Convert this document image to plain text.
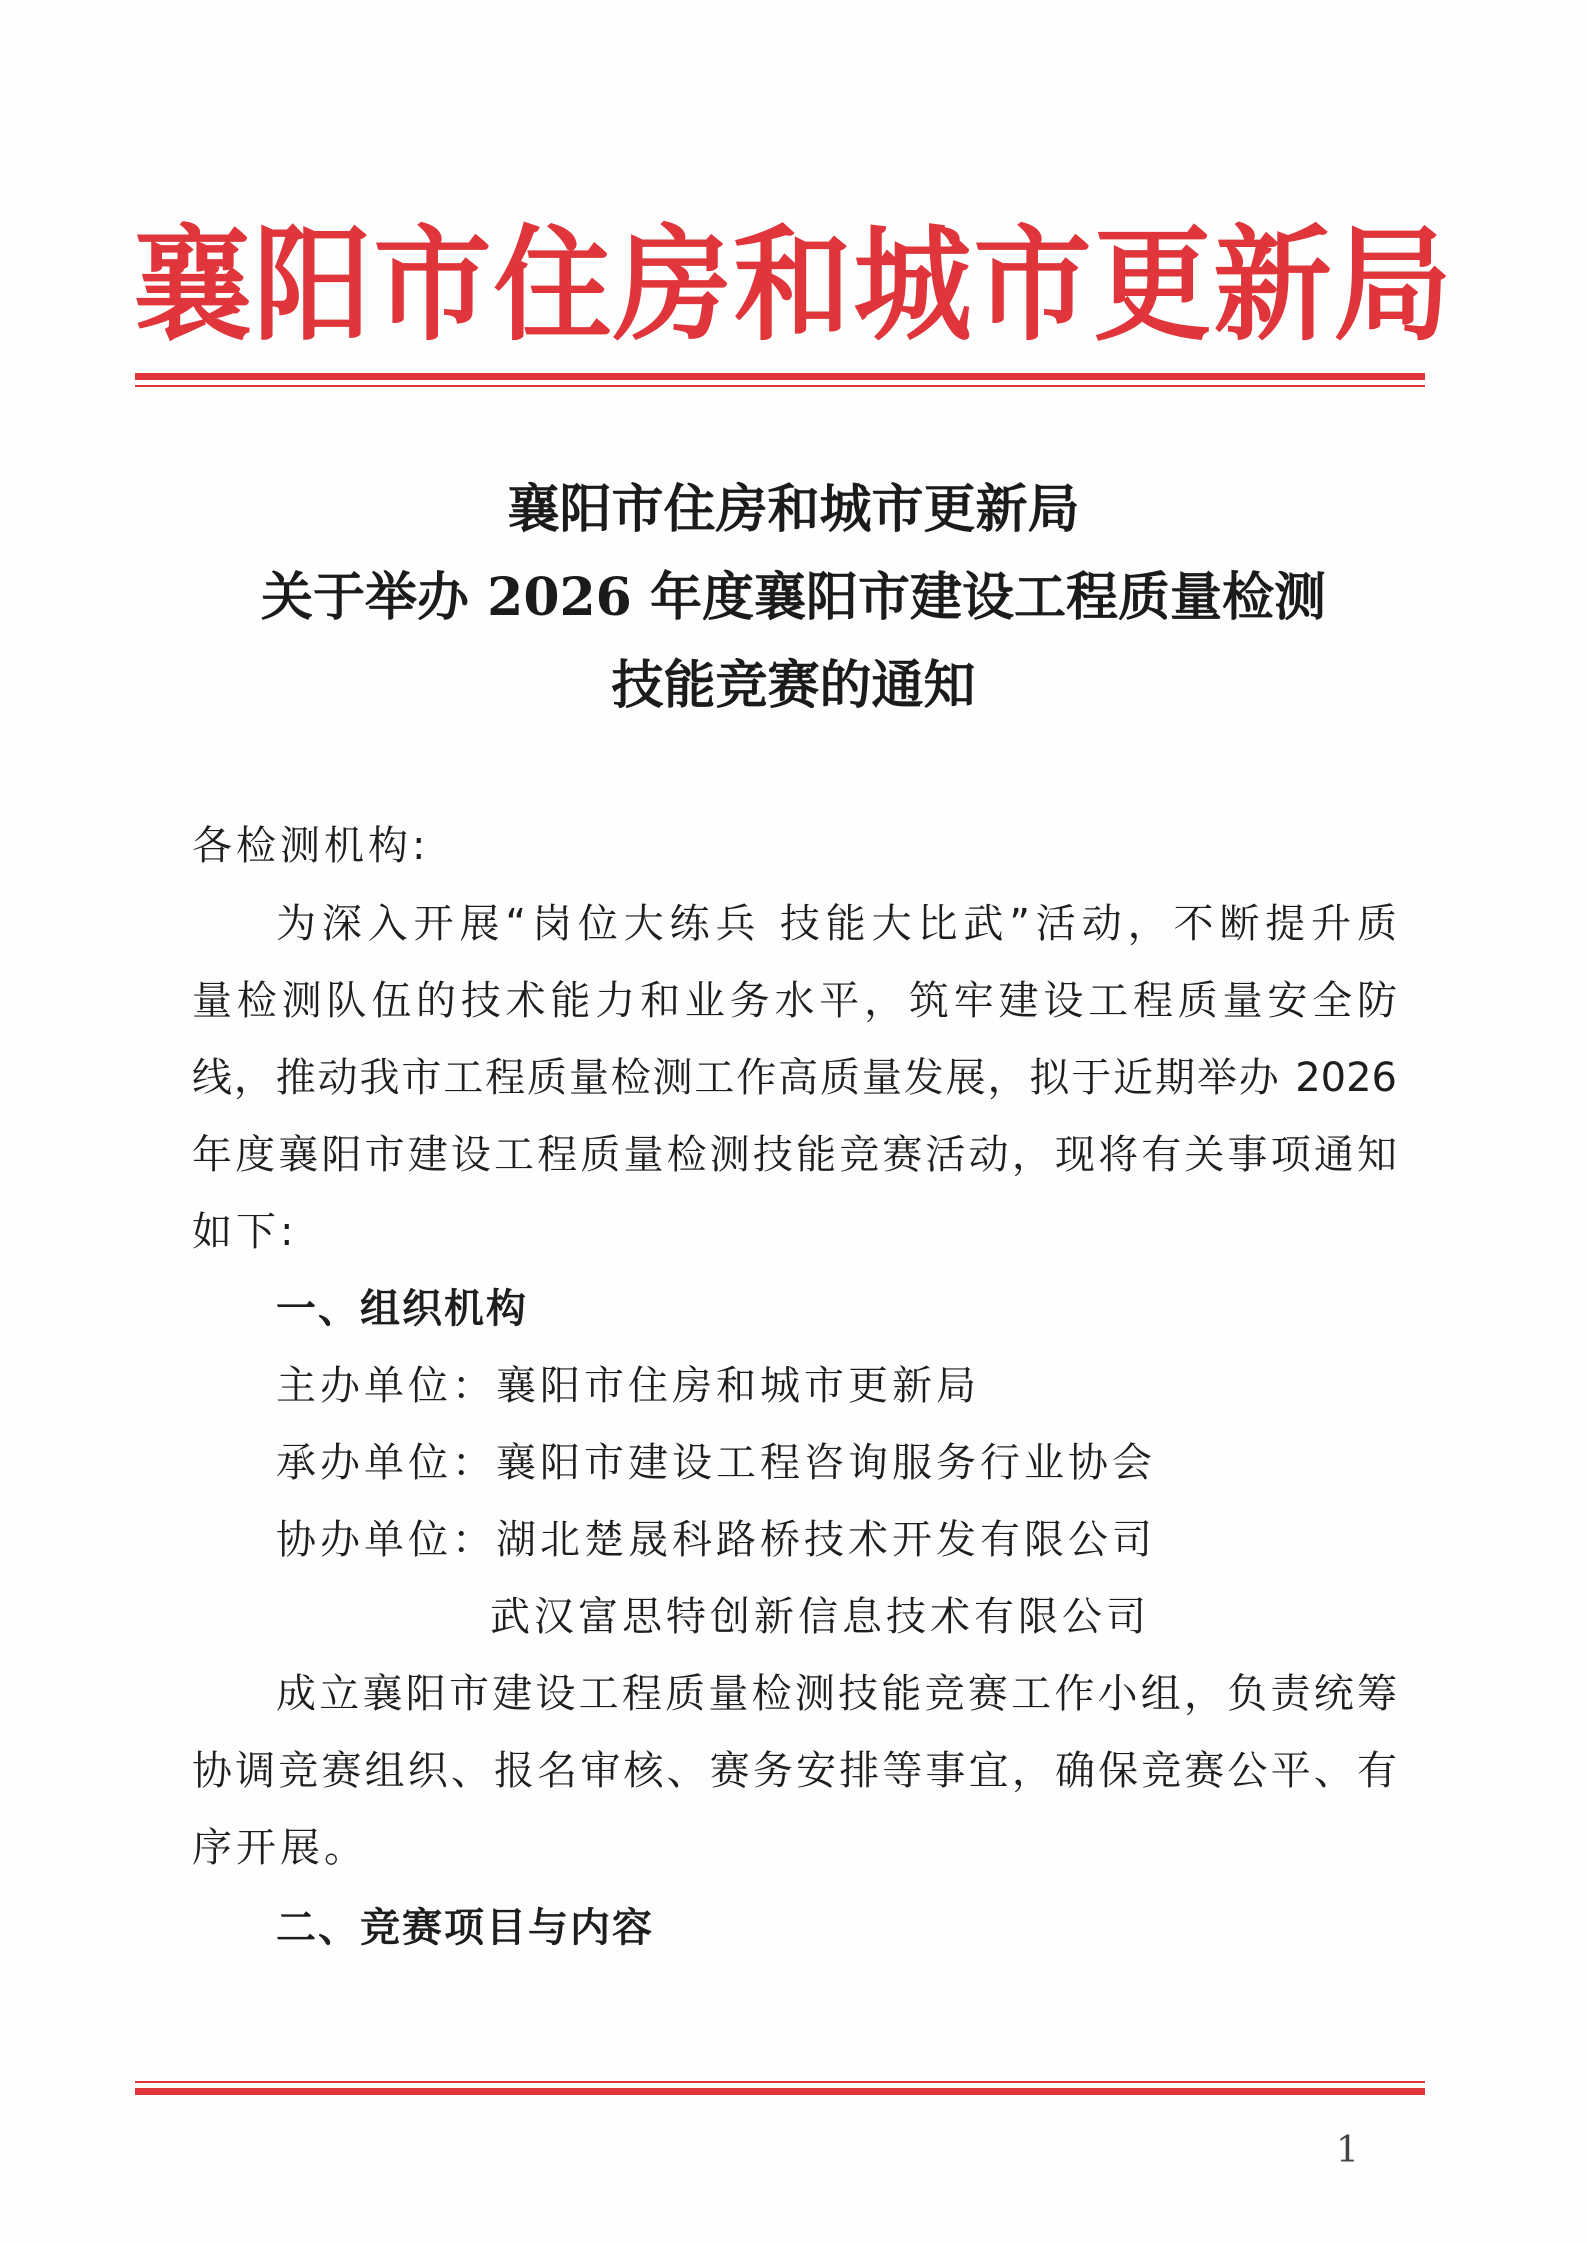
襄阳市住房和城市更新局
襄阳市住房和城市更新局
关于举办 2026 年度襄阳市建设工程质量检测
技能竞赛的通知
各检测机构:
为深入开展“岗位大练兵 技能大比武”活动，不断提升质
量检测队伍的技术能力和业务水平，筑牢建设工程质量安全防
线，推动我市工程质量检测工作高质量发展，拟于近期举办 2026
年度襄阳市建设工程质量检测技能竞赛活动，现将有关事项通知
如下:
一、组织机构
主办单位：襄阳市住房和城市更新局
承办单位：襄阳市建设工程咨询服务行业协会
协办单位：湖北楚晟科路桥技术开发有限公司
武汉富思特创新信息技术有限公司
成立襄阳市建设工程质量检测技能竞赛工作小组，负责统筹
协调竞赛组织、报名审核、赛务安排等事宜，确保竞赛公平、有
序开展。
二、竞赛项目与内容
1
